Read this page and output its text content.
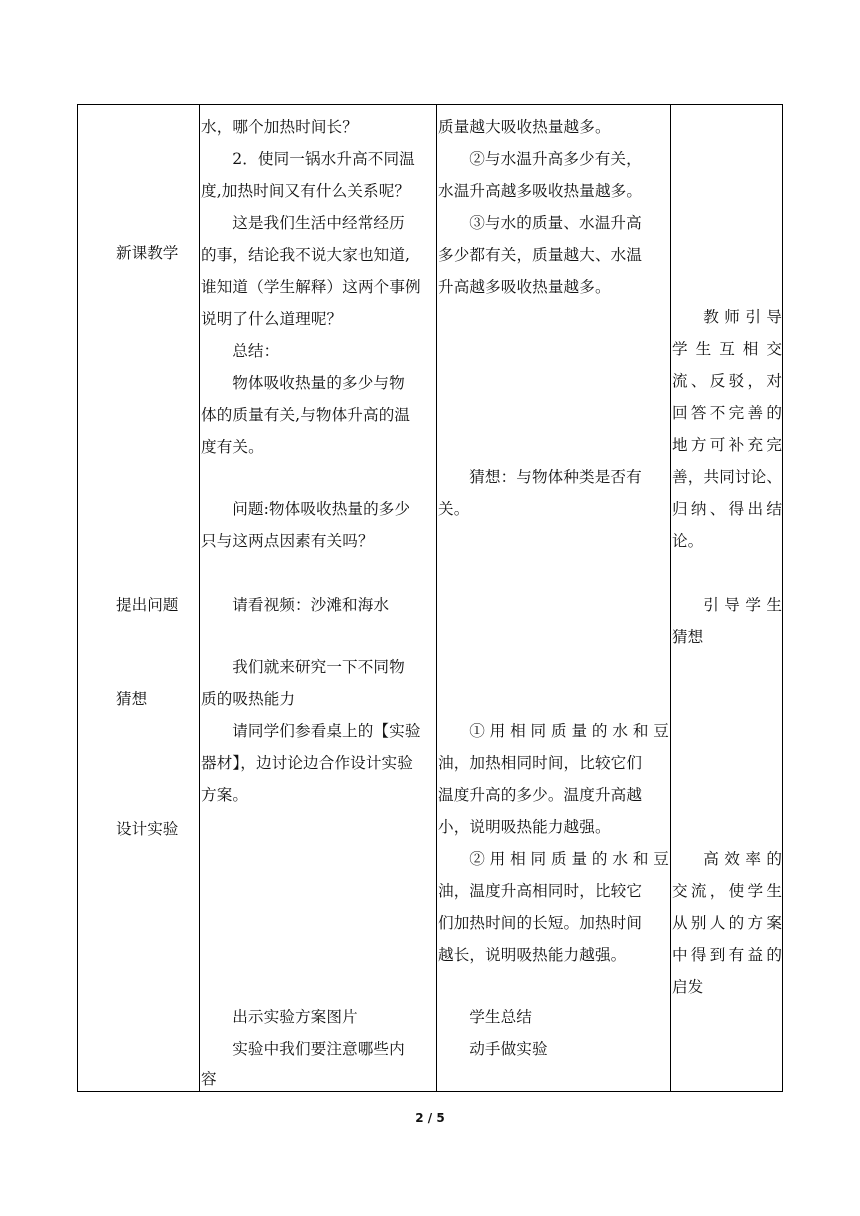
新课教学
提出问题
猜想
设计实验
水，哪个加热时间长？
2．使同一锅水升高不同温
度,加热时间又有什么关系呢？
这是我们生活中经常经历
的事，结论我不说大家也知道,
谁知道（学生解释）这两个事例
说明了什么道理呢？
总结：
物体吸收热量的多少与物
体的质量有关,与物体升高的温
度有关。
问题:物体吸收热量的多少
只与这两点因素有关吗？
请看视频：沙滩和海水
我们就来研究一下不同物
质的吸热能力
请同学们参看桌上的【实验
器材】，边讨论边合作设计实验
方案。
出示实验方案图片
实验中我们要注意哪些内
容
质量越大吸收热量越多。
②与水温升高多少有关，
水温升高越多吸收热量越多。
③与水的质量、水温升高
多少都有关，质量越大、水温
升高越多吸收热量越多。
猜想：与物体种类是否有
关。
①用相同质量的水和豆
油，加热相同时间，比较它们
温度升高的多少。温度升高越
小，说明吸热能力越强。
②用相同质量的水和豆
油，温度升高相同时，比较它
们加热时间的长短。加热时间
越长，说明吸热能力越强。
学生总结
动手做实验
教师引导
学生互相交
流、反驳，对
回答不完善的
地方可补充完
善，共同讨论、
归纳、得出结
论。
引导学生
猜想
高效率的
交流，使学生
从别人的方案
中得到有益的
启发
2 / 5
